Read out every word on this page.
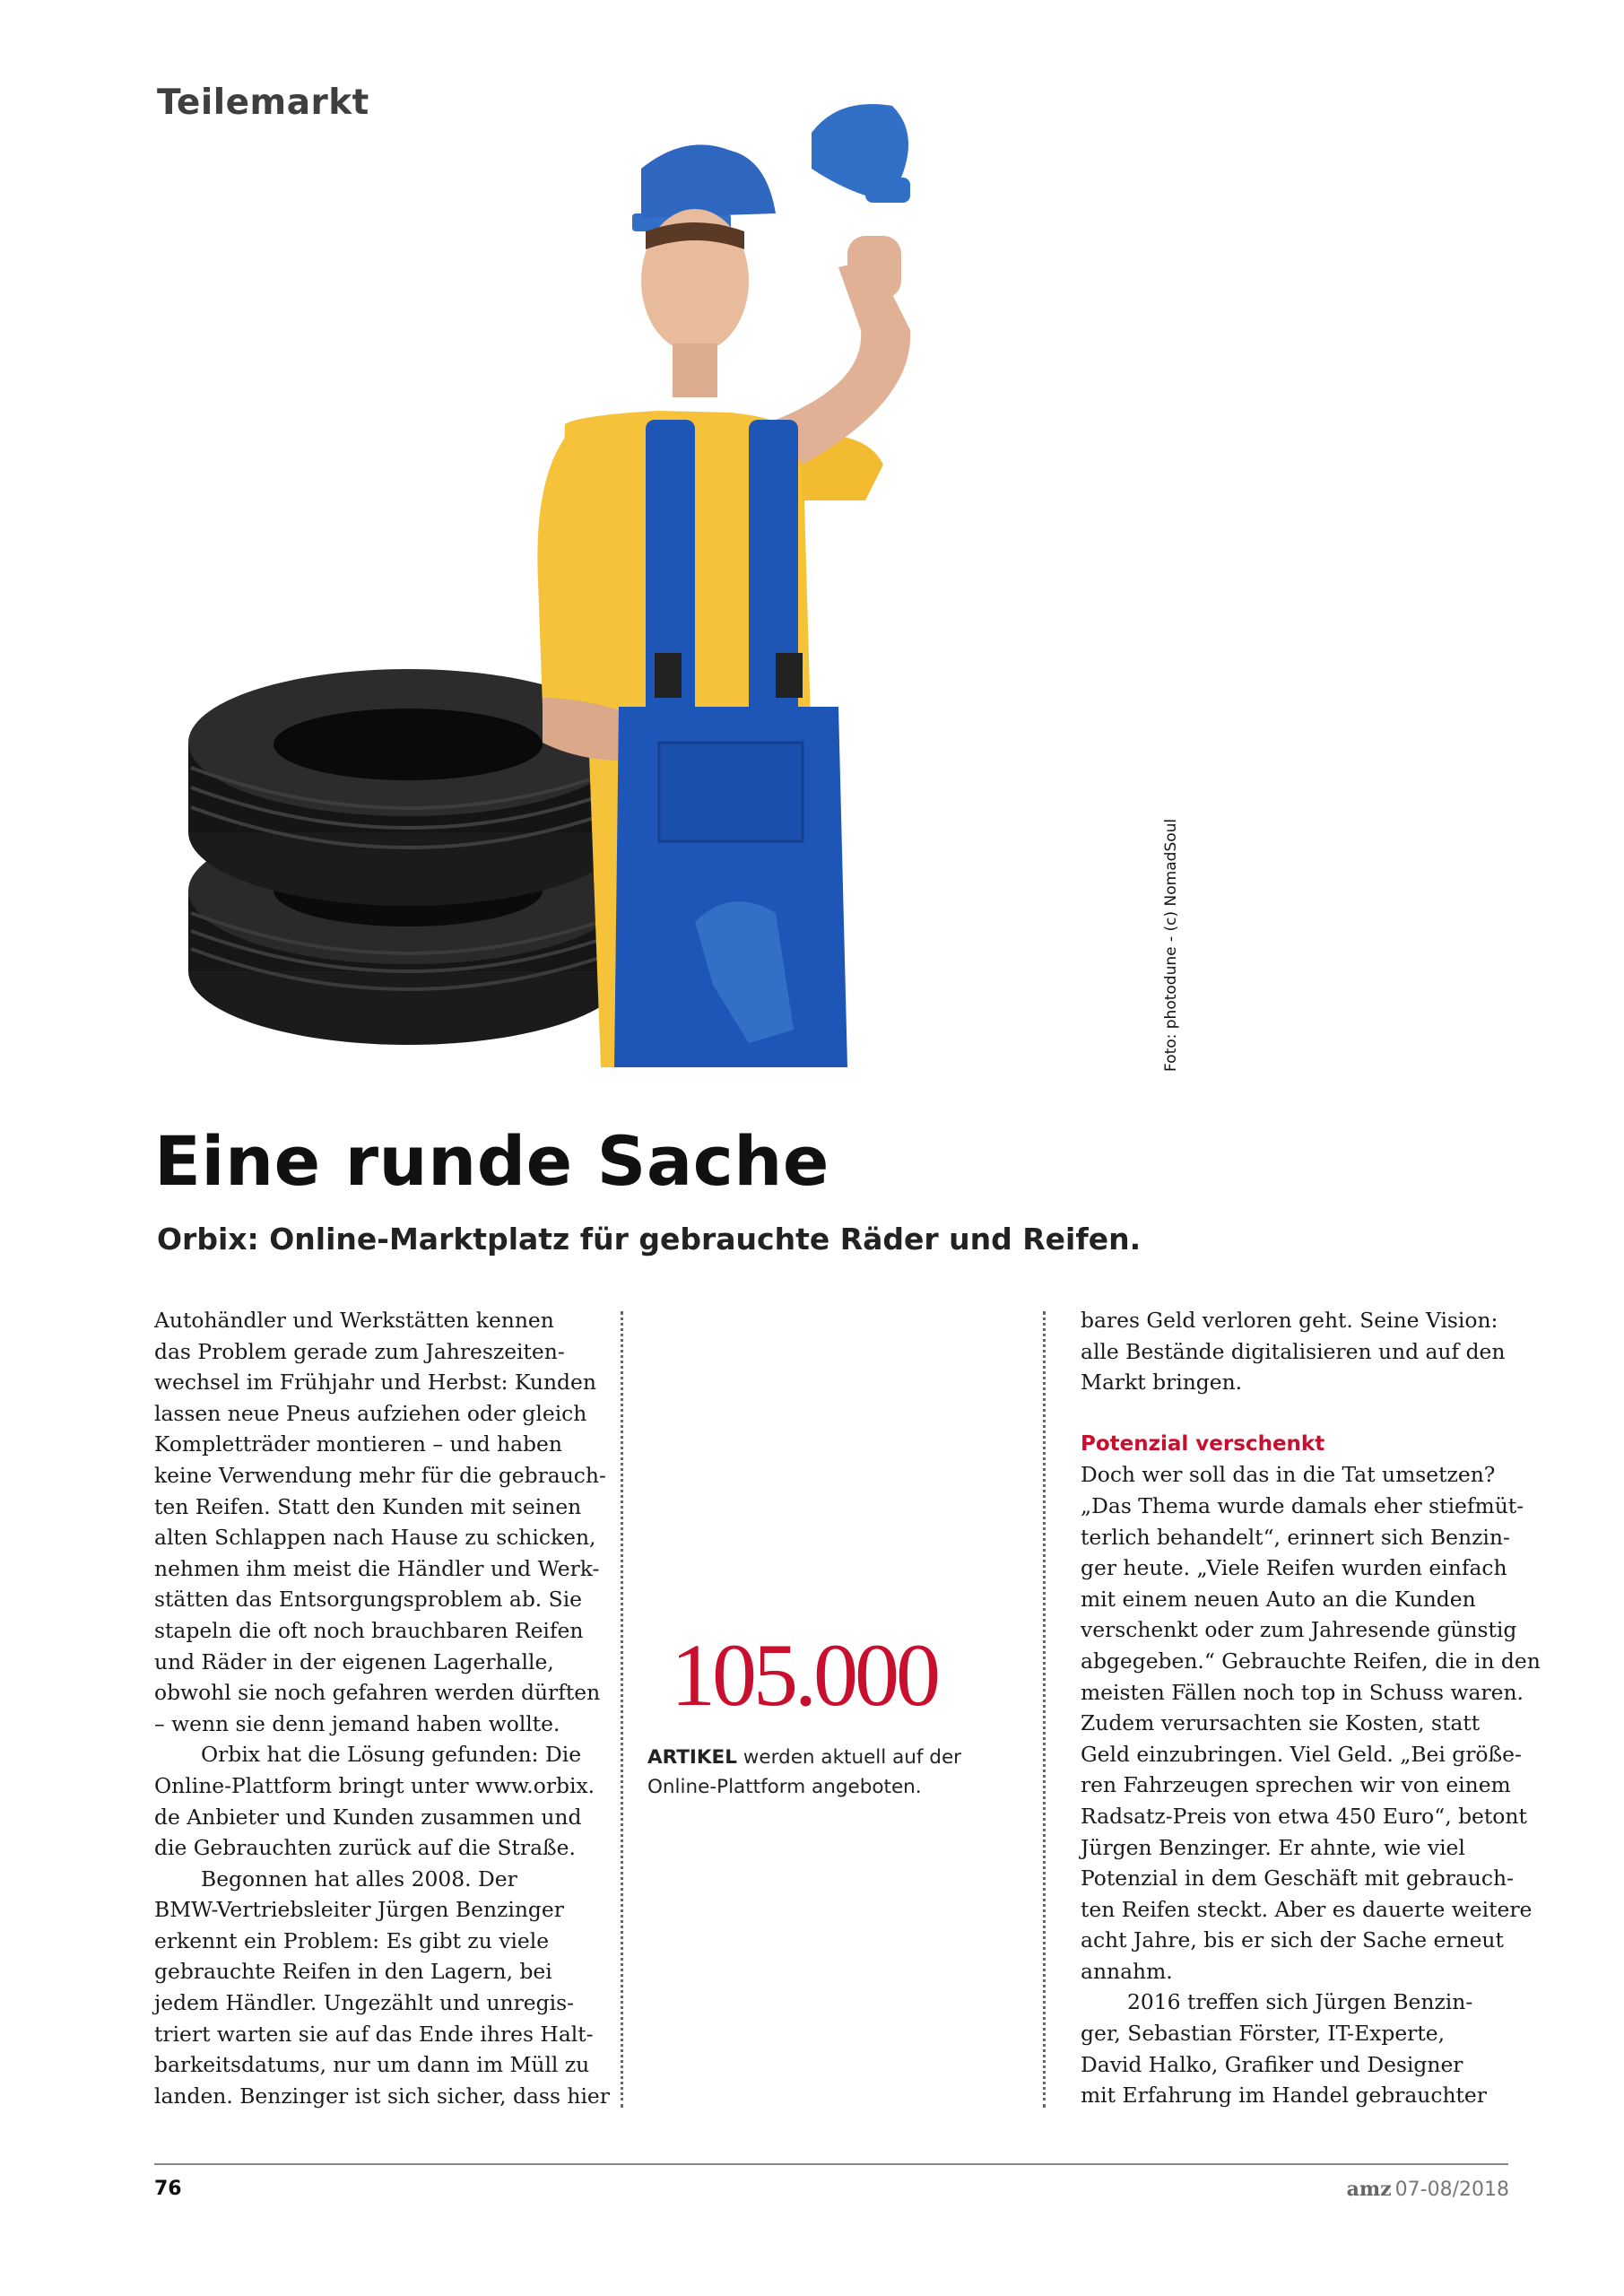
Teilemarkt
Foto: photodune - (c) NomadSoul
Eine runde Sache
Orbix: Online-Marktplatz für gebrauchte Räder und Reifen.

Autohändler und Werkstätten kennen
das Problem gerade zum Jahreszeiten-
wechsel im Frühjahr und Herbst: Kunden
lassen neue Pneus aufziehen oder gleich
Kompletträder montieren – und haben
keine Verwendung mehr für die gebrauch-
ten Reifen. Statt den Kunden mit seinen
alten Schlappen nach Hause zu schicken,
nehmen ihm meist die Händler und Werk-
stätten das Entsorgungsproblem ab. Sie
stapeln die oft noch brauchbaren Reifen
und Räder in der eigenen Lagerhalle,
obwohl sie noch gefahren werden dürften
– wenn sie denn jemand haben wollte.

Orbix hat die Lösung gefunden: Die
Online-Plattform bringt unter www.orbix.
de Anbieter und Kunden zusammen und
die Gebrauchten zurück auf die Straße.

Begonnen hat alles 2008. Der
BMW-Vertriebsleiter Jürgen Benzinger
erkennt ein Problem: Es gibt zu viele
gebrauchte Reifen in den Lagern, bei
jedem Händler. Ungezählt und unregis-
triert warten sie auf das Ende ihres Halt-
barkeitsdatums, nur um dann im Müll zu
landen. Benzinger ist sich sicher, dass hier

105.000
ARTIKEL werden aktuell auf der
Online-Plattform angeboten.

bares Geld verloren geht. Seine Vision:
alle Bestände digitalisieren und auf den
Markt bringen.

Potenzial verschenkt

Doch wer soll das in die Tat umsetzen?
„Das Thema wurde damals eher stiefmüt-
terlich behandelt“, erinnert sich Benzin-
ger heute. „Viele Reifen wurden einfach
mit einem neuen Auto an die Kunden
verschenkt oder zum Jahresende günstig
abgegeben.“ Gebrauchte Reifen, die in den
meisten Fällen noch top in Schuss waren.
Zudem verursachten sie Kosten, statt
Geld einzubringen. Viel Geld. „Bei größe-
ren Fahrzeugen sprechen wir von einem
Radsatz-Preis von etwa 450 Euro“, betont
Jürgen Benzinger. Er ahnte, wie viel
Potenzial in dem Geschäft mit gebrauch-
ten Reifen steckt. Aber es dauerte weitere
acht Jahre, bis er sich der Sache erneut
annahm.

2016 treffen sich Jürgen Benzin-
ger, Sebastian Förster, IT-Experte,
David Halko, Grafiker und Designer
mit Erfahrung im Handel gebrauchter

76	amz 07-08/2018
